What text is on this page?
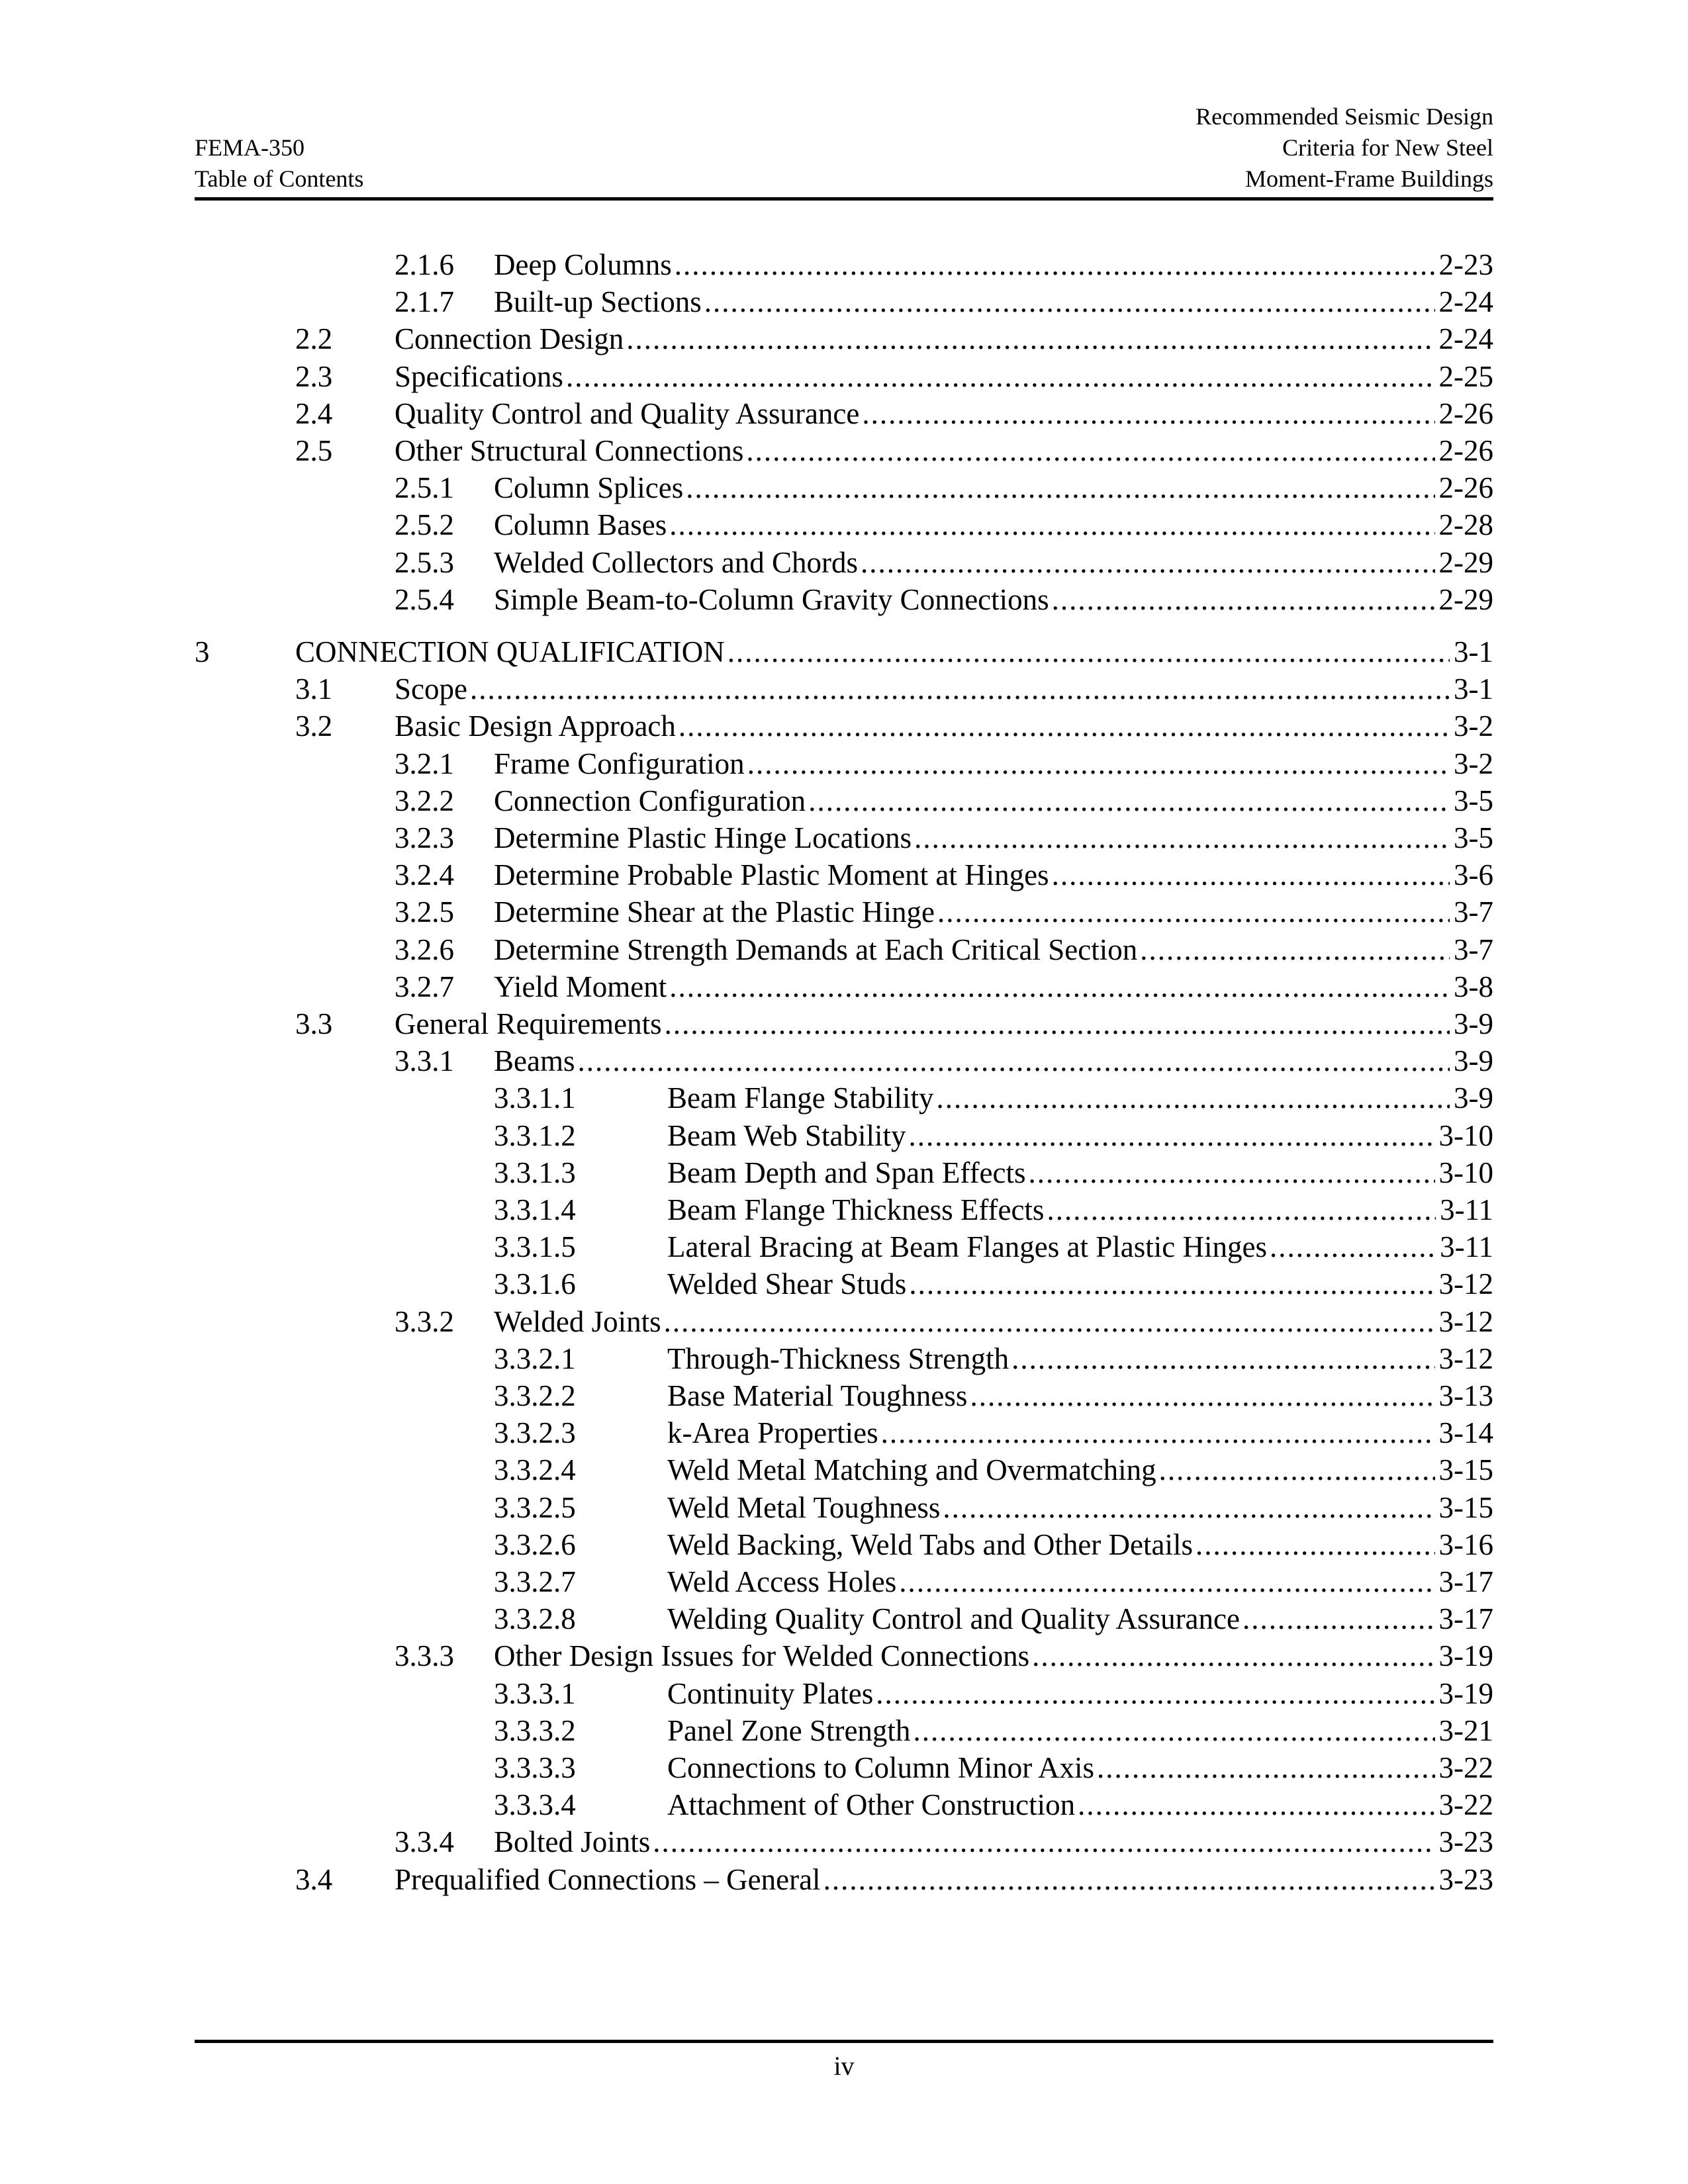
FEMA-350
Table of Contents
Recommended Seismic Design
Criteria for New Steel
Moment-Frame Buildings
2.1.6 Deep Columns .....	2-23
2.1.7 Built-up Sections .....	2-24
2.2 Connection Design .....	2-24
2.3 Specifications .....	2-25
2.4 Quality Control and Quality Assurance .....	2-26
2.5 Other Structural Connections .....	2-26
2.5.1 Column Splices .....	2-26
2.5.2 Column Bases .....	2-28
2.5.3 Welded Collectors and Chords .....	2-29
2.5.4 Simple Beam-to-Column Gravity Connections .....	2-29
3	CONNECTION QUALIFICATION .....	3-1
3.1 Scope .....	3-1
3.2 Basic Design Approach .....	3-2
3.2.1 Frame Configuration .....	3-2
3.2.2 Connection Configuration .....	3-5
3.2.3 Determine Plastic Hinge Locations .....	3-5
3.2.4 Determine Probable Plastic Moment at Hinges .....	3-6
3.2.5 Determine Shear at the Plastic Hinge .....	3-7
3.2.6 Determine Strength Demands at Each Critical Section .....	3-7
3.2.7 Yield Moment .....	3-8
3.3 General Requirements .....	3-9
3.3.1 Beams .....	3-9
3.3.1.1	Beam Flange Stability .....	3-9
3.3.1.2	Beam Web Stability .....	3-10
3.3.1.3	Beam Depth and Span Effects .....	3-10
3.3.1.4	Beam Flange Thickness Effects .....	3-11
3.3.1.5	Lateral Bracing at Beam Flanges at Plastic Hinges .....	3-11
3.3.1.6	Welded Shear Studs .....	3-12
3.3.2 Welded Joints .....	3-12
3.3.2.1	Through-Thickness Strength .....	3-12
3.3.2.2	Base Material Toughness .....	3-13
3.3.2.3	k-Area Properties .....	3-14
3.3.2.4	Weld Metal Matching and Overmatching .....	3-15
3.3.2.5	Weld Metal Toughness .....	3-15
3.3.2.6	Weld Backing, Weld Tabs and Other Details .....	3-16
3.3.2.7	Weld Access Holes .....	3-17
3.3.2.8	Welding Quality Control and Quality Assurance .....	3-17
3.3.3 Other Design Issues for Welded Connections .....	3-19
3.3.3.1	Continuity Plates .....	3-19
3.3.3.2	Panel Zone Strength .....	3-21
3.3.3.3	Connections to Column Minor Axis .....	3-22
3.3.3.4	Attachment of Other Construction .....	3-22
3.3.4 Bolted Joints .....	3-23
3.4 Prequalified Connections – General .....	3-23
iv
